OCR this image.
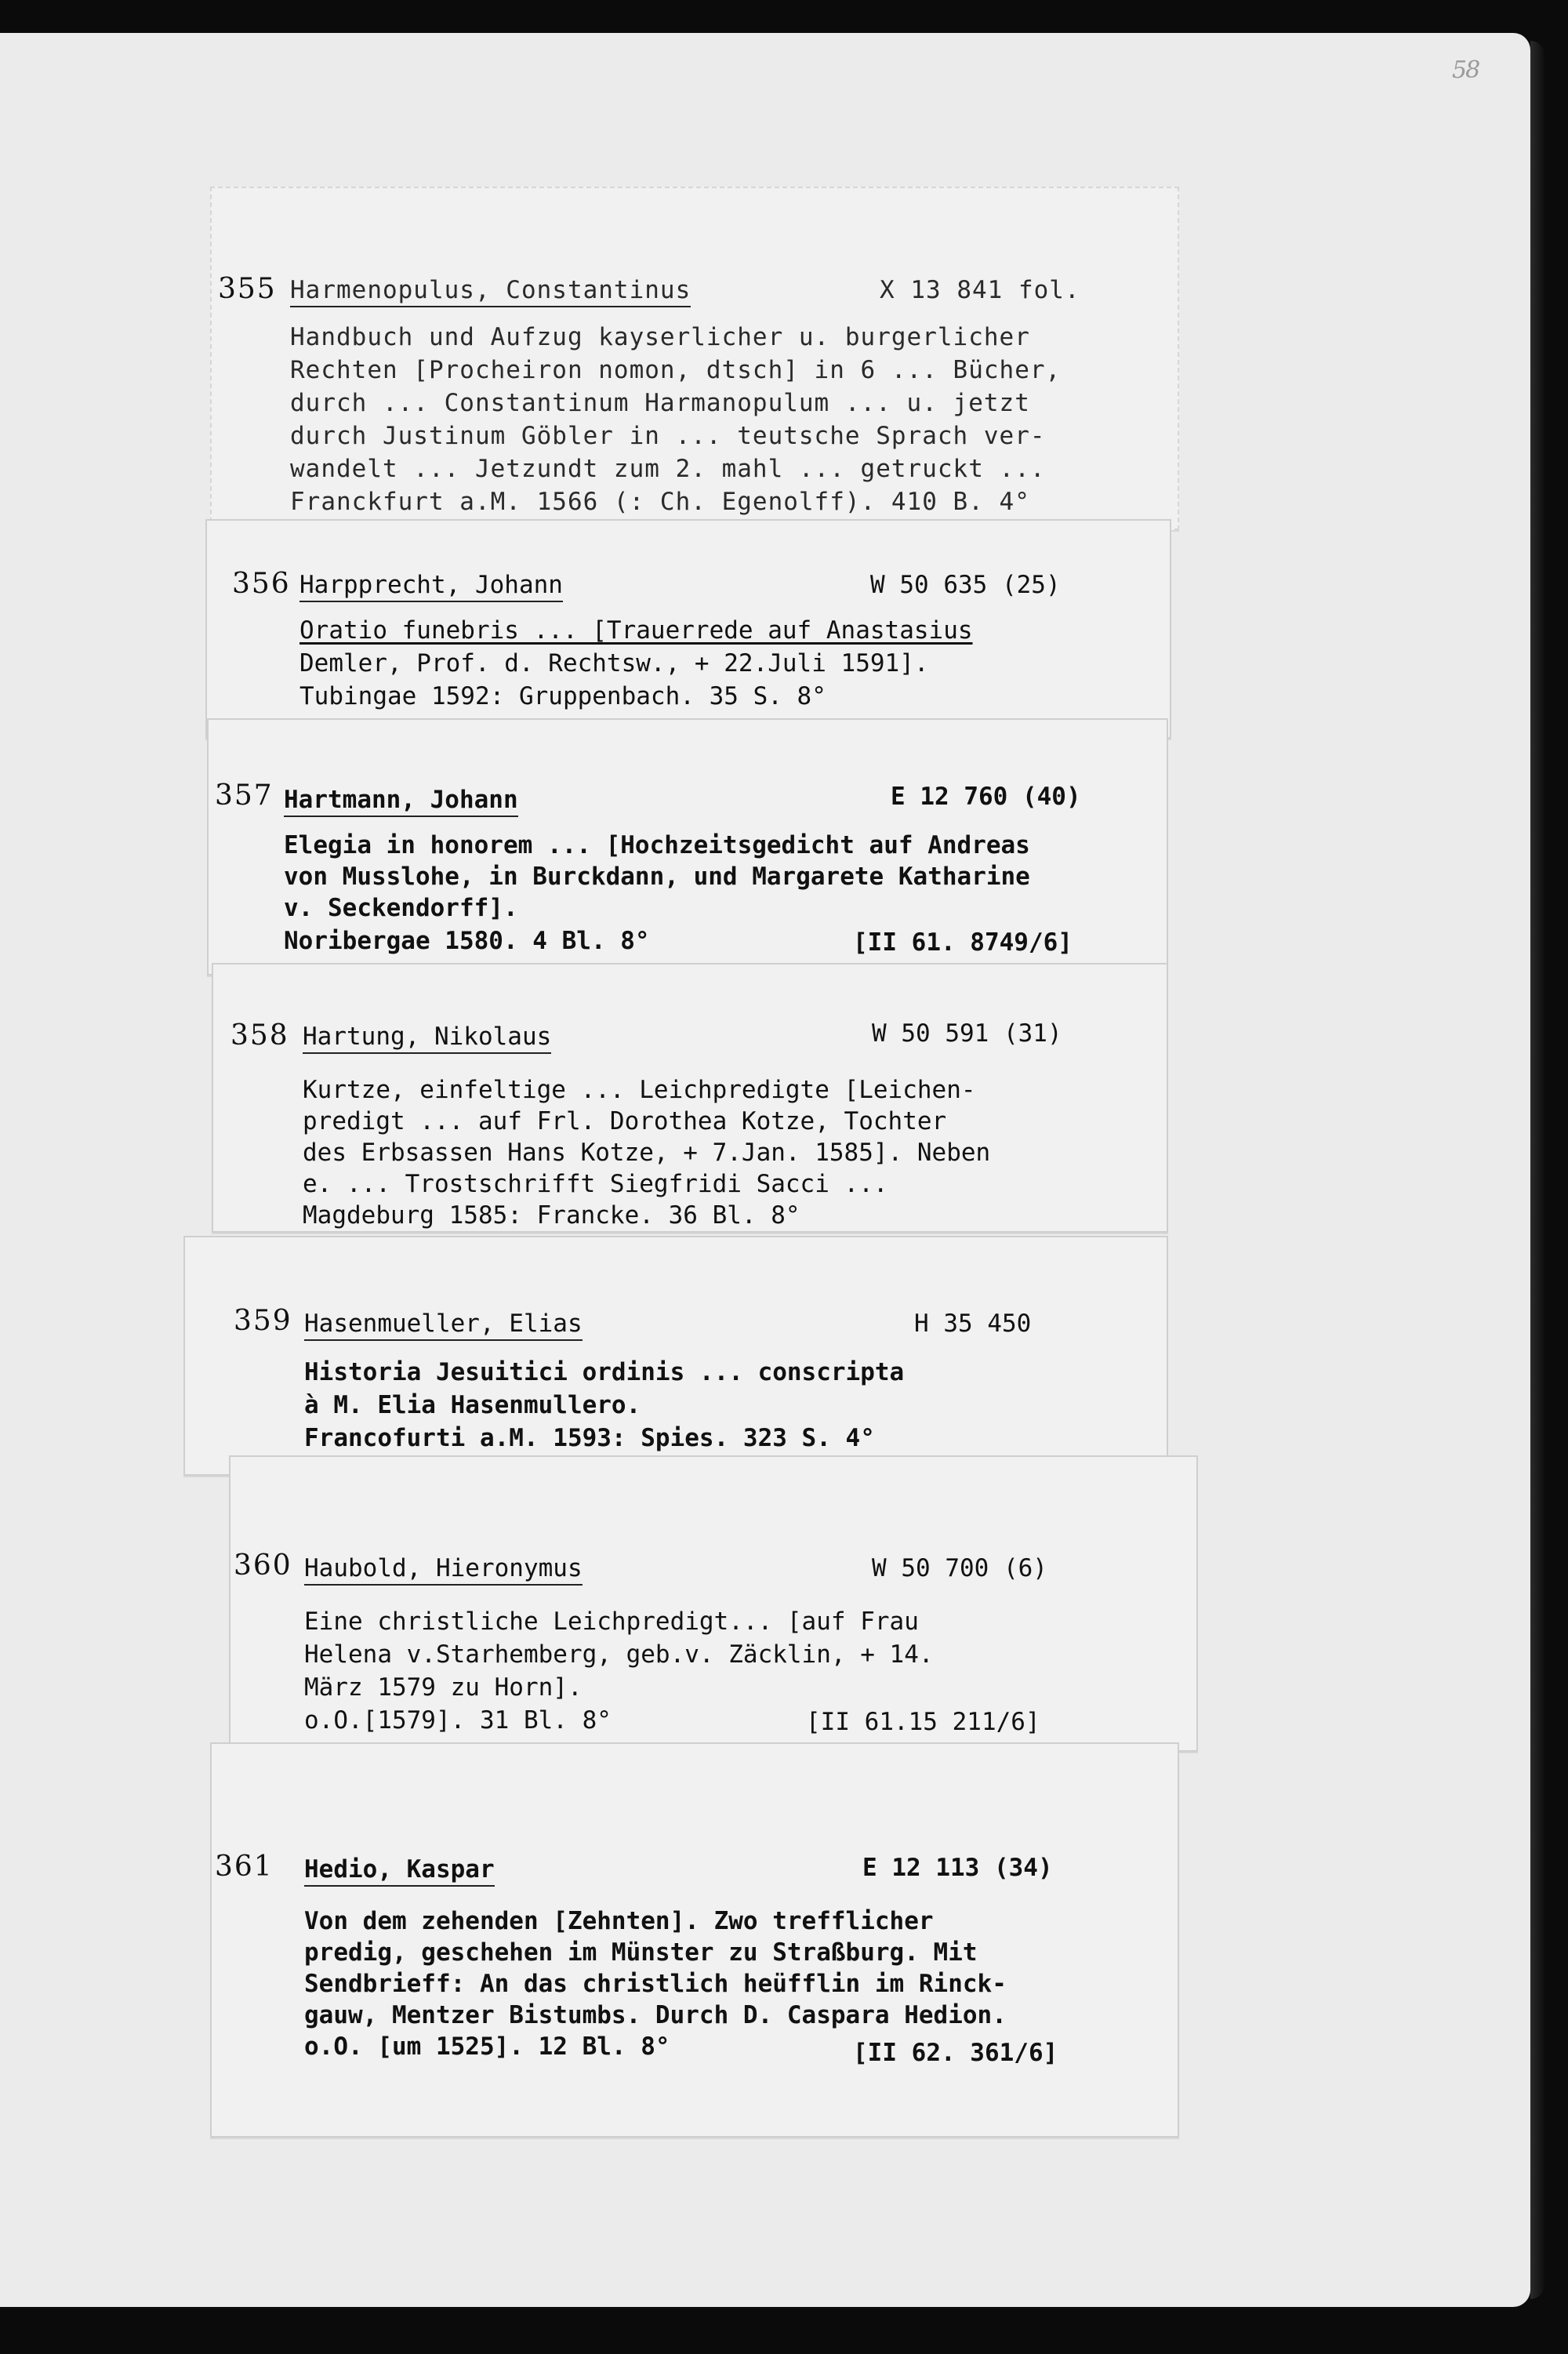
58
355 Harmenopulus, Constantinus	X 13 841 fol.
Handbuch und Aufzug kayserlicher u. burgerlicher
Rechten [Procheiron nomon, dtsch] in 6 ... Bücher,
durch ... Constantinum Harmanopulum ... u. jetzt
durch Justinum Göbler in ... teutsche Sprach ver-
wandelt ... Jetzundt zum 2. mahl ... getruckt ...
Franckfurt a.M. 1566 (: Ch. Egenolff). 410 B. 4°
356 Harpprecht, Johann	W 50 635 (25)
Oratio funebris ... [Trauerrede auf Anastasius
Demler, Prof. d. Rechtsw., + 22.Juli 1591].
Tubingae 1592: Gruppenbach. 35 S. 8°
357 Hartmann, Johann	E 12 760 (40)
Elegia in honorem ... [Hochzeitsgedicht auf Andreas
von Musslohe, in Burckdann, und Margarete Katharine
v. Seckendorff].
Noribergae 1580. 4 Bl. 8°	[II 61. 8749/6]
358 Hartung, Nikolaus	W 50 591 (31)
Kurtze, einfeltige ... Leichpredigte [Leichen-
predigt ... auf Frl. Dorothea Kotze, Tochter
des Erbsassen Hans Kotze, + 7.Jan. 1585]. Neben
e. ... Trostschrifft Siegfridi Sacci ...
Magdeburg 1585: Francke. 36 Bl. 8°
359 Hasenmueller, Elias	H 35 450
Historia Jesuitici ordinis ... conscripta
à M. Elia Hasenmullero.
Francofurti a.M. 1593: Spies. 323 S. 4°
360 Haubold, Hieronymus	W 50 700 (6)
Eine christliche Leichpredigt... [auf Frau
Helena v.Starhemberg, geb.v. Zäcklin, + 14.
März 1579 zu Horn].
o.O.[1579]. 31 Bl. 8°	[II 61.15 211/6]
361 Hedio, Kaspar	E 12 113 (34)
Von dem zehenden [Zehnten]. Zwo trefflicher
predig, geschehen im Münster zu Straßburg. Mit
Sendbrieff: An das christlich heüfflin im Rinck-
gauw, Mentzer Bistumbs. Durch D. Caspara Hedion.
o.O. [um 1525]. 12 Bl. 8°	[II 62. 361/6]
